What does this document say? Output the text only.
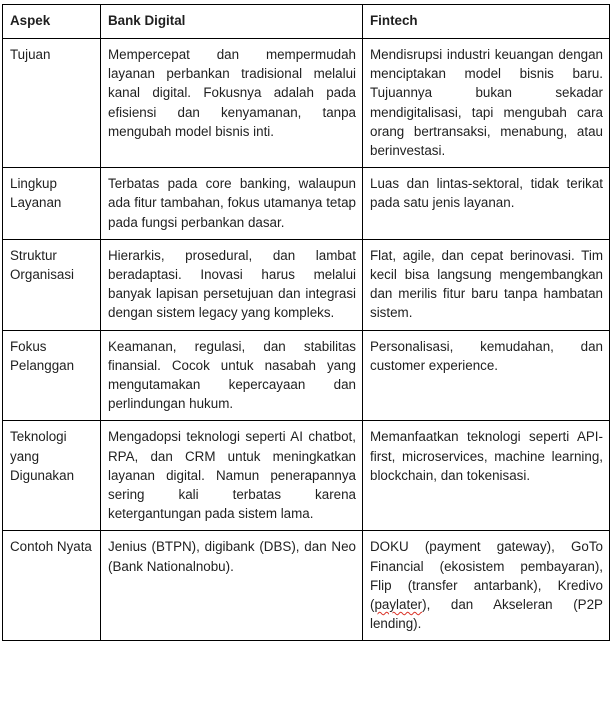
Aspek	Bank Digital	Fintech
Tujuan	Mempercepat dan mempermudah layanan perbankan tradisional melalui kanal digital. Fokusnya adalah pada efisiensi dan kenyamanan, tanpa mengubah model bisnis inti.	Mendisrupsi industri keuangan dengan menciptakan model bisnis baru. Tujuannya bukan sekadar mendigitalisasi, tapi mengubah cara orang bertransaksi, menabung, atau berinvestasi.
Lingkup Layanan	Terbatas pada core banking, walaupun ada fitur tambahan, fokus utamanya tetap pada fungsi perbankan dasar.	Luas dan lintas-sektoral, tidak terikat pada satu jenis layanan.
Struktur Organisasi	Hierarkis, prosedural, dan lambat beradaptasi. Inovasi harus melalui banyak lapisan persetujuan dan integrasi dengan sistem legacy yang kompleks.	Flat, agile, dan cepat berinovasi. Tim kecil bisa langsung mengembangkan dan merilis fitur baru tanpa hambatan sistem.
Fokus Pelanggan	Keamanan, regulasi, dan stabilitas finansial. Cocok untuk nasabah yang mengutamakan kepercayaan dan perlindungan hukum.	Personalisasi, kemudahan, dan customer experience.
Teknologi yang Digunakan	Mengadopsi teknologi seperti AI chatbot, RPA, dan CRM untuk meningkatkan layanan digital. Namun penerapannya sering kali terbatas karena ketergantungan pada sistem lama.	Memanfaatkan teknologi seperti API-first, microservices, machine learning, blockchain, dan tokenisasi.
Contoh Nyata	Jenius (BTPN), digibank (DBS), dan Neo (Bank Nationalnobu).	DOKU (payment gateway), GoTo Financial (ekosistem pembayaran), Flip (transfer antarbank), Kredivo (paylater), dan Akseleran (P2P lending).
